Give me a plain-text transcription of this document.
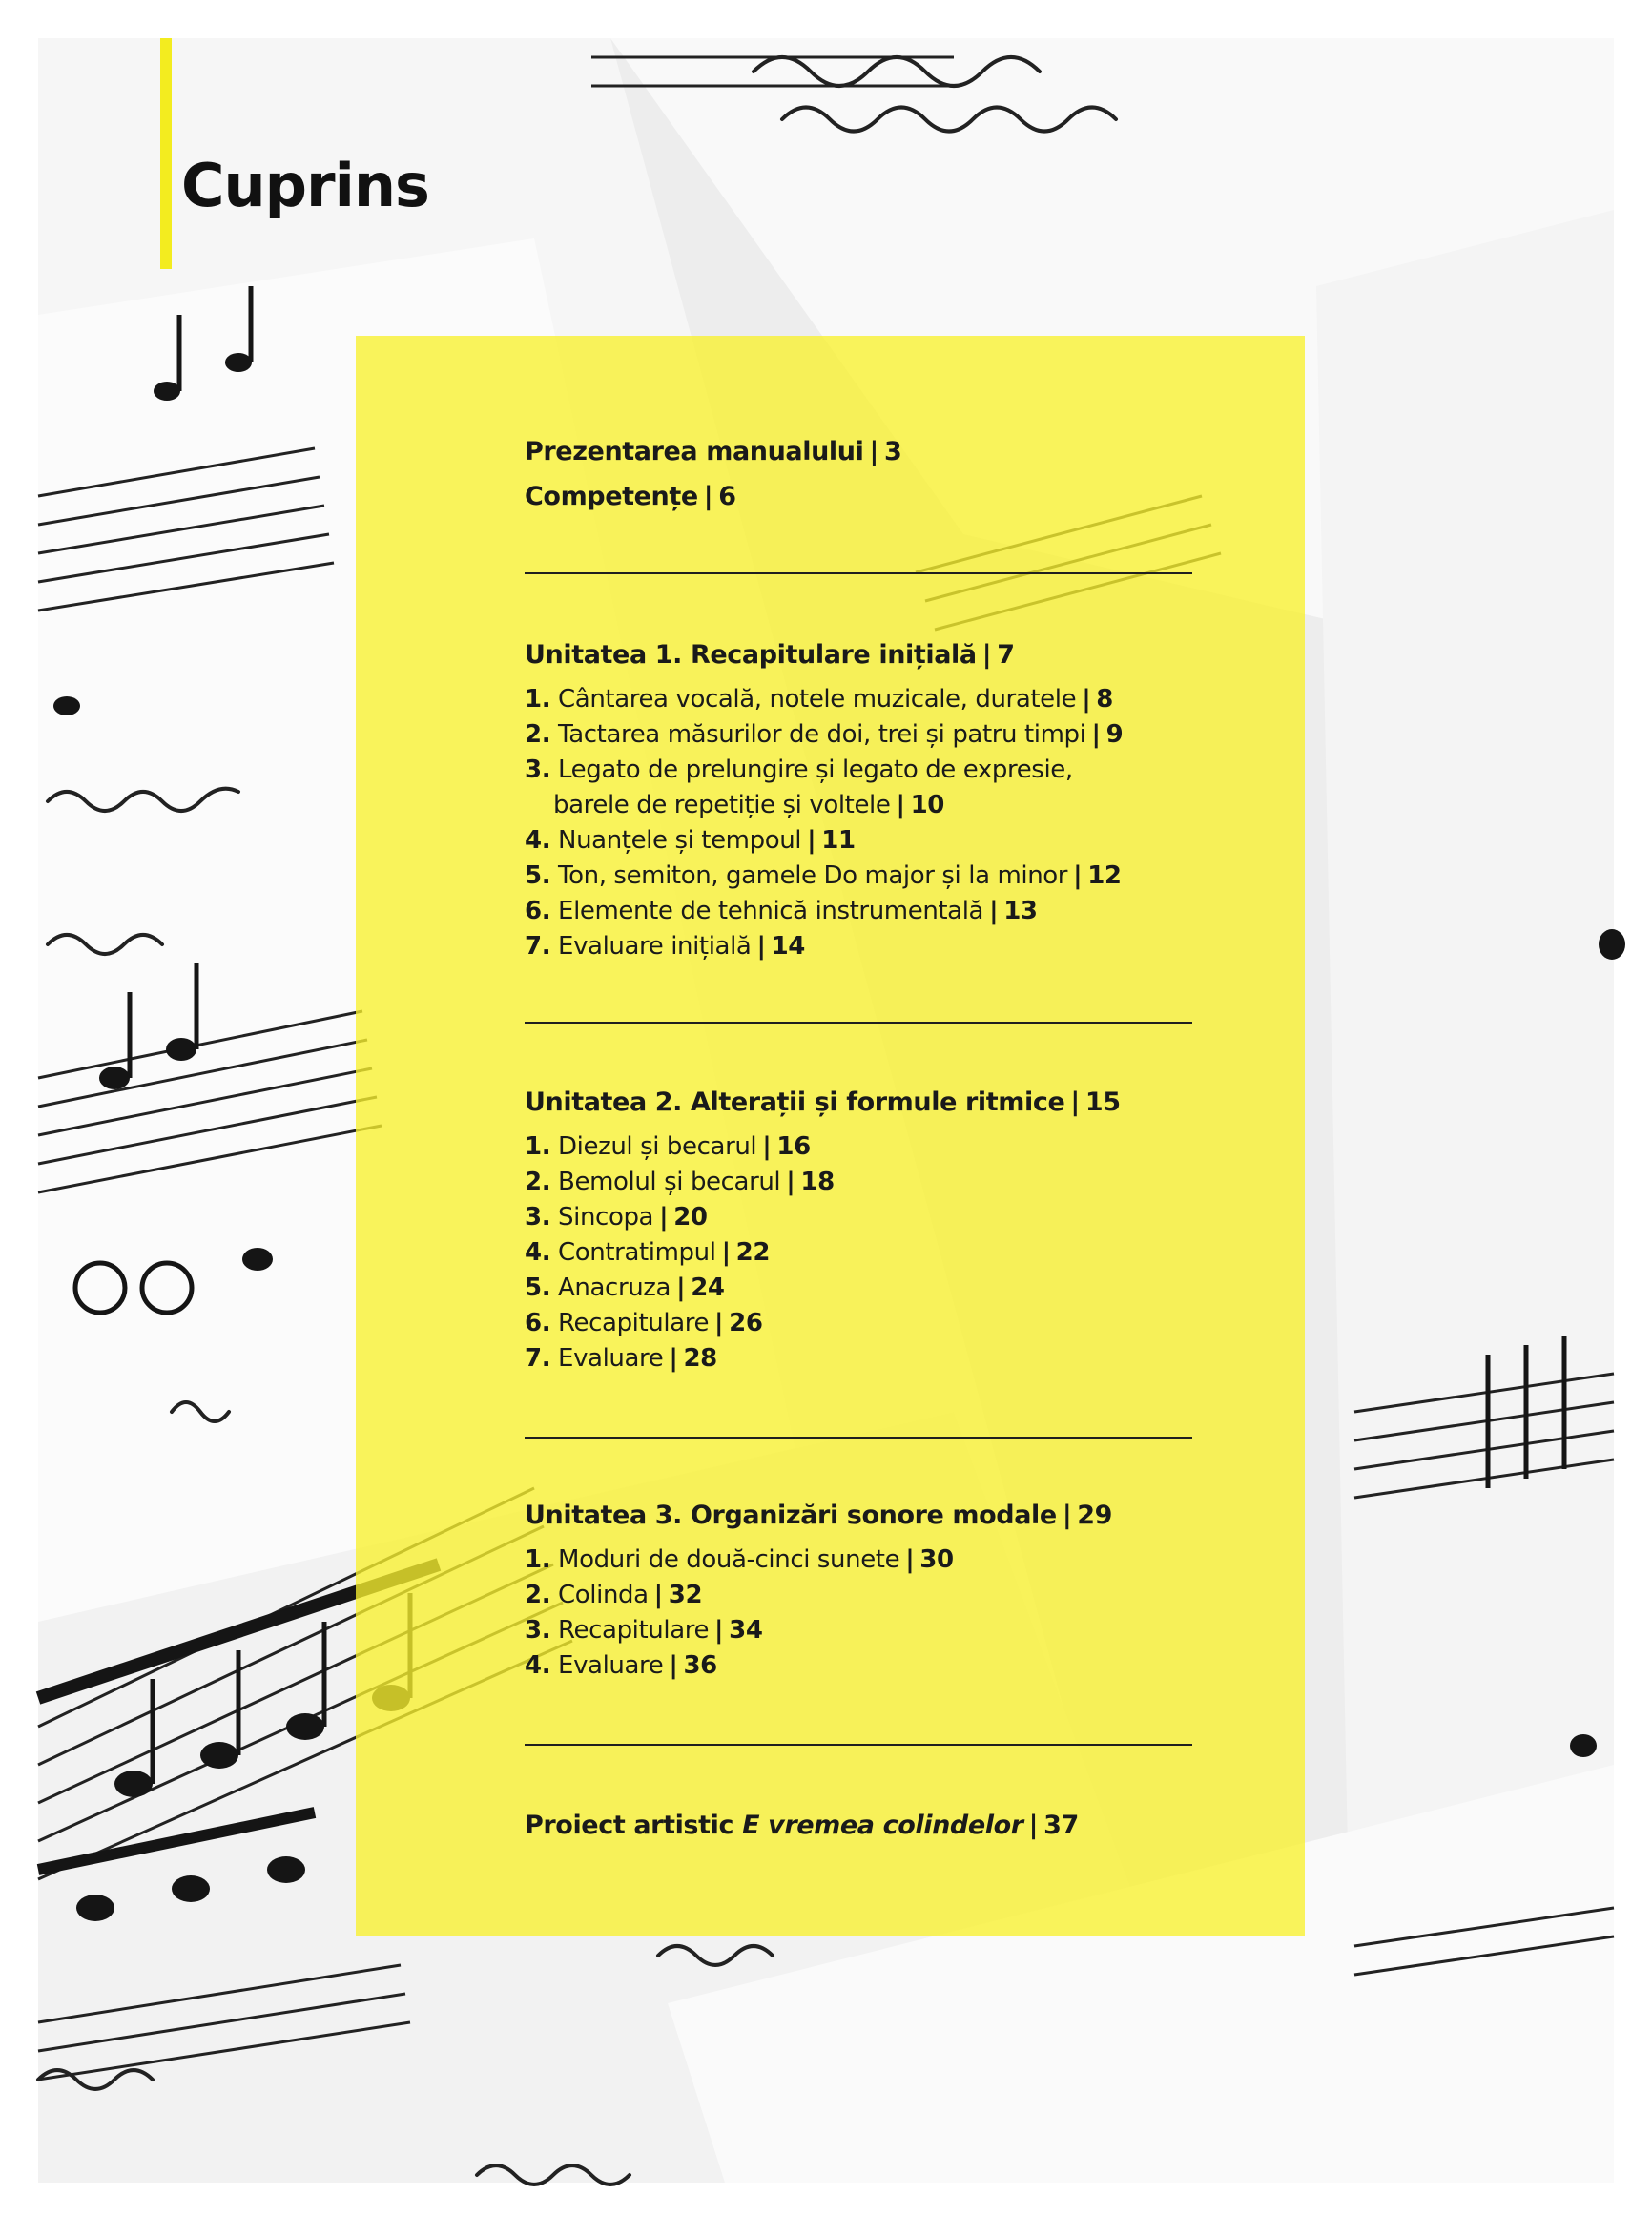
Cuprins
Prezentarea manualului | 3
Competențe | 6
Unitatea 1. Recapitulare inițială | 7
1. Cântarea vocală, notele muzicale, duratele | 8
2. Tactarea măsurilor de doi, trei și patru timpi | 9
3. Legato de prelungire și legato de expresie,
barele de repetiție și voltele | 10
4. Nuanțele și tempoul | 11
5. Ton, semiton, gamele Do major și la minor | 12
6. Elemente de tehnică instrumentală | 13
7. Evaluare inițială | 14
Unitatea 2. Alterații și formule ritmice | 15
1. Diezul și becarul | 16
2. Bemolul și becarul | 18
3. Sincopa | 20
4. Contratimpul | 22
5. Anacruza | 24
6. Recapitulare | 26
7. Evaluare | 28
Unitatea 3. Organizări sonore modale | 29
1. Moduri de două-cinci sunete | 30
2. Colinda | 32
3. Recapitulare | 34
4. Evaluare | 36
Proiect artistic E vremea colindelor | 37
